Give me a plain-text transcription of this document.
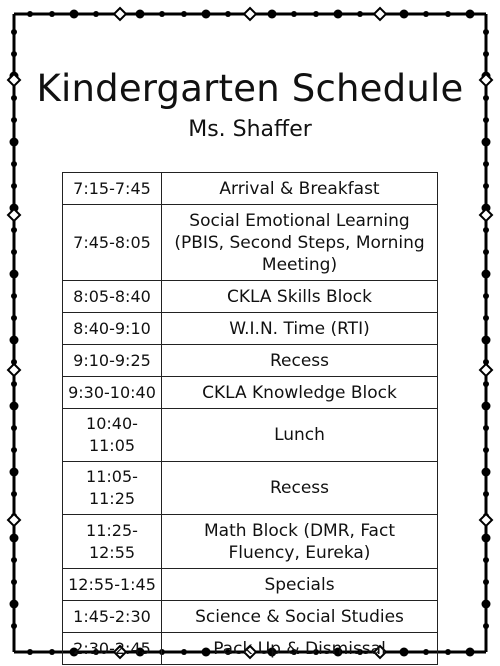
Kindergarten Schedule
Ms. Shaffer
7:15-7:45	Arrival & Breakfast
7:45-8:05	Social Emotional Learning (PBIS, Second Steps, Morning Meeting)
8:05-8:40	CKLA Skills Block
8:40-9:10	W.I.N. Time (RTI)
9:10-9:25	Recess
9:30-10:40	CKLA Knowledge Block
10:40-11:05	Lunch
11:05-11:25	Recess
11:25-12:55	Math Block (DMR, Fact Fluency, Eureka)
12:55-1:45	Specials
1:45-2:30	Science & Social Studies
2:30-2:45	Pack Up & Dismissal
